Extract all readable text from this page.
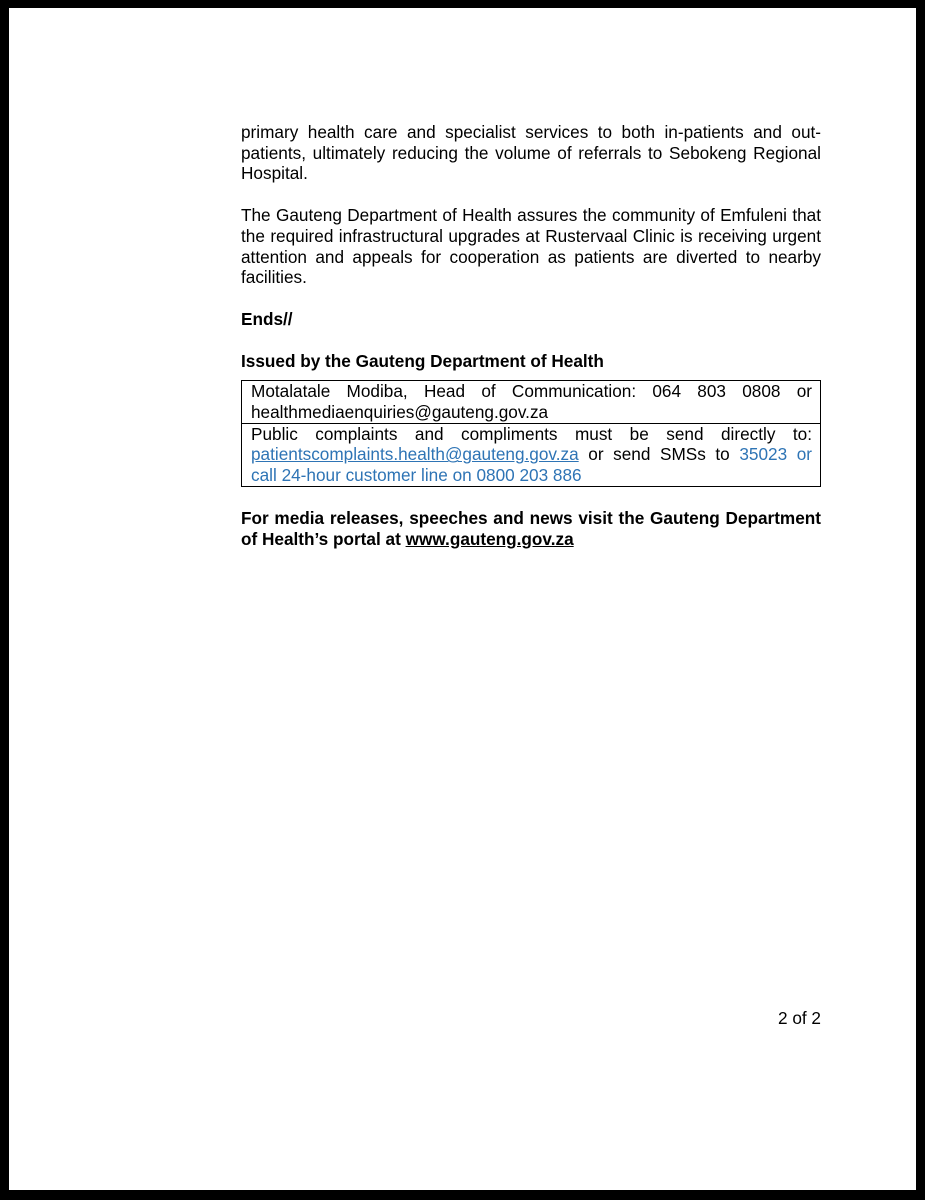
primary health care and specialist services to both in-patients and out-patients, ultimately reducing the volume of referrals to Sebokeng Regional Hospital.

The Gauteng Department of Health assures the community of Emfuleni that the required infrastructural upgrades at Rustervaal Clinic is receiving urgent attention and appeals for cooperation as patients are diverted to nearby facilities.

Ends//

Issued by the Gauteng Department of Health

Motalatale Modiba, Head of Communication: 064 803 0808 or healthmediaenquiries@gauteng.gov.za
Public complaints and compliments must be send directly to: patientscomplaints.health@gauteng.gov.za or send SMSs to 35023 or call 24-hour customer line on 0800 203 886

For media releases, speeches and news visit the Gauteng Department of Health’s portal at www.gauteng.gov.za

2 of 2
